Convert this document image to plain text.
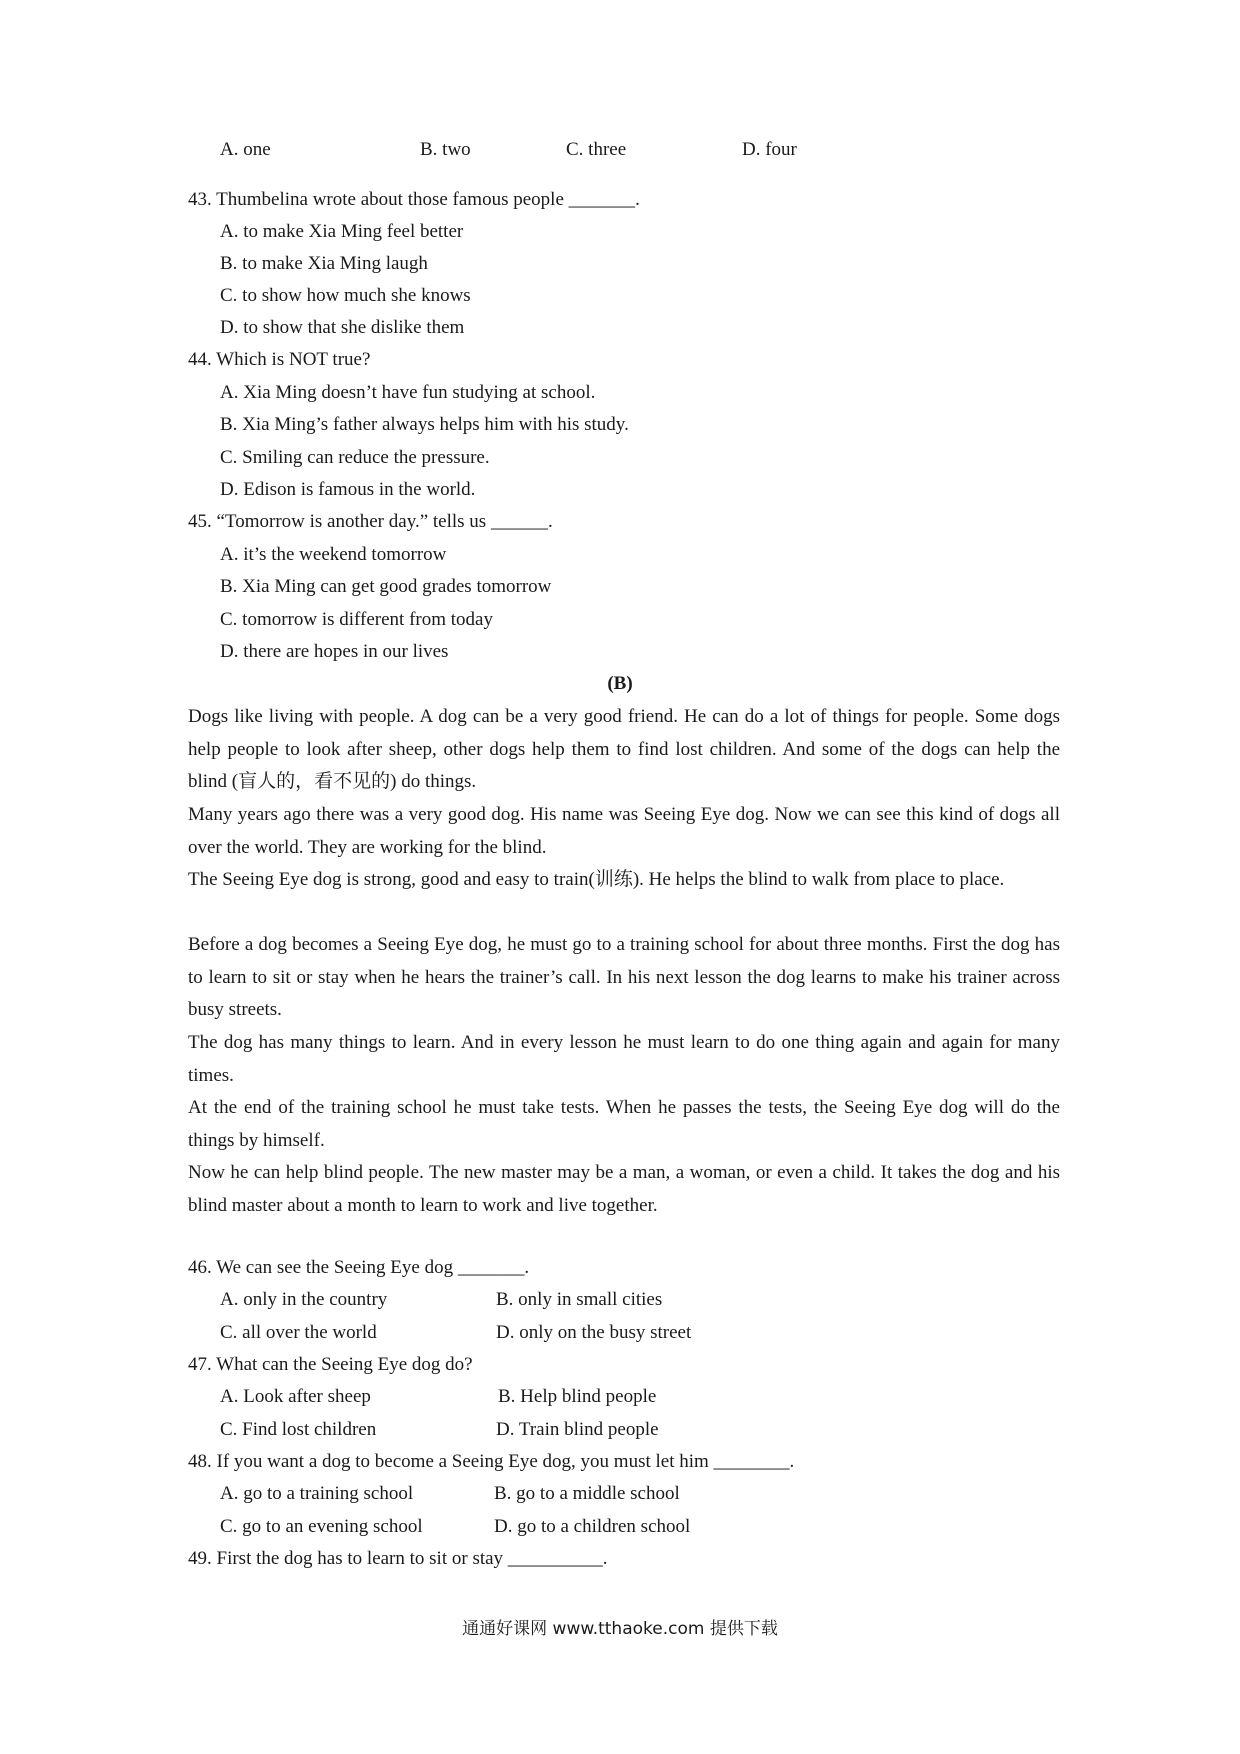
A. one	B. two	C. three	D. four
43. Thumbelina wrote about those famous people _______.
A. to make Xia Ming feel better
B. to make Xia Ming laugh
C. to show how much she knows
D. to show that she dislike them
44. Which is NOT true?
A. Xia Ming doesn’t have fun studying at school.
B. Xia Ming’s father always helps him with his study.
C. Smiling can reduce the pressure.
D. Edison is famous in the world.
45. “Tomorrow is another day.” tells us ______.
A. it’s the weekend tomorrow
B. Xia Ming can get good grades tomorrow
C. tomorrow is different from today
D. there are hopes in our lives
(B)
Dogs like living with people. A dog can be a very good friend. He can do a lot of things for people. Some dogs help people to look after sheep, other dogs help them to find lost children. And some of the dogs can help the blind (盲人的，看不见的) do things.
Many years ago there was a very good dog. His name was Seeing Eye dog. Now we can see this kind of dogs all over the world. They are working for the blind.
The Seeing Eye dog is strong, good and easy to train(训练). He helps the blind to walk from place to place.
Before a dog becomes a Seeing Eye dog, he must go to a training school for about three months. First the dog has to learn to sit or stay when he hears the trainer’s call. In his next lesson the dog learns to make his trainer across busy streets.
The dog has many things to learn. And in every lesson he must learn to do one thing again and again for many times.
At the end of the training school he must take tests. When he passes the tests, the Seeing Eye dog will do the things by himself.
Now he can help blind people. The new master may be a man, a woman, or even a child. It takes the dog and his blind master about a month to learn to work and live together.
46. We can see the Seeing Eye dog _______.
A. only in the country	B. only in small cities
C. all over the world	D. only on the busy street
47. What can the Seeing Eye dog do?
A. Look after sheep	B. Help blind people
C. Find lost children	D. Train blind people
48. If you want a dog to become a Seeing Eye dog, you must let him ________.
A. go to a training school	B. go to a middle school
C. go to an evening school	D. go to a children school
49. First the dog has to learn to sit or stay __________.
通通好课网 www.tthaoke.com 提供下载
